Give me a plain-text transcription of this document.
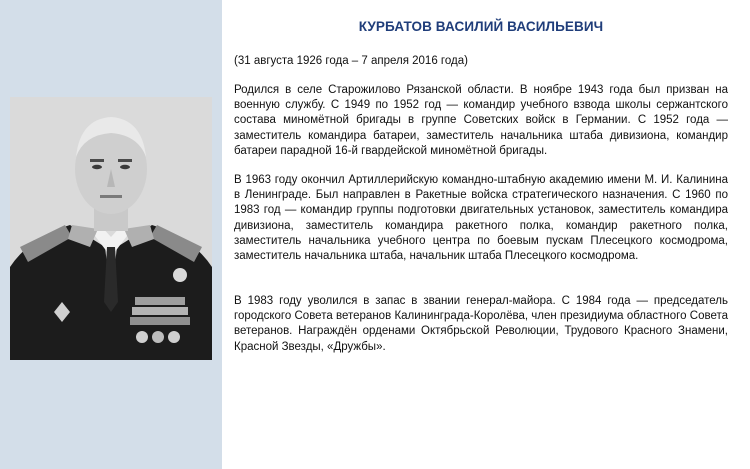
КУРБАТОВ ВАСИЛИЙ ВАСИЛЬЕВИЧ
(31 августа 1926 года – 7 апреля 2016 года)
Родился в селе Старожилово Рязанской области. В ноябре 1943 года был призван на военную службу. С 1949 по 1952 год — командир учебного взвода школы сержантского состава миномётной бригады в группе Советских войск в Германии. С 1952 года — заместитель командира батареи, заместитель начальника штаба дивизиона, командир батареи парадной 16-й гвардейской миномётной бригады.
В 1963 году окончил Артиллерийскую командно-штабную академию имени М. И. Калинина в Ленинграде. Был направлен в Ракетные войска стратегического назначения. С 1960 по 1983 год — командир группы подготовки двигательных установок, заместитель командира дивизиона, заместитель командира ракетного полка, командир ракетного полка, заместитель начальника учебного центра по боевым пускам Плесецкого космодрома, заместитель начальника штаба, начальник штаба Плесецкого космодрома.
В 1983 году уволился в запас в звании генерал-майора. С 1984 года — председатель городского Совета ветеранов Калининграда-Королёва, член президиума областного Совета ветеранов. Награждён орденами Октябрьской Революции, Трудового Красного Знамени, Красной Звезды, «Дружбы».
